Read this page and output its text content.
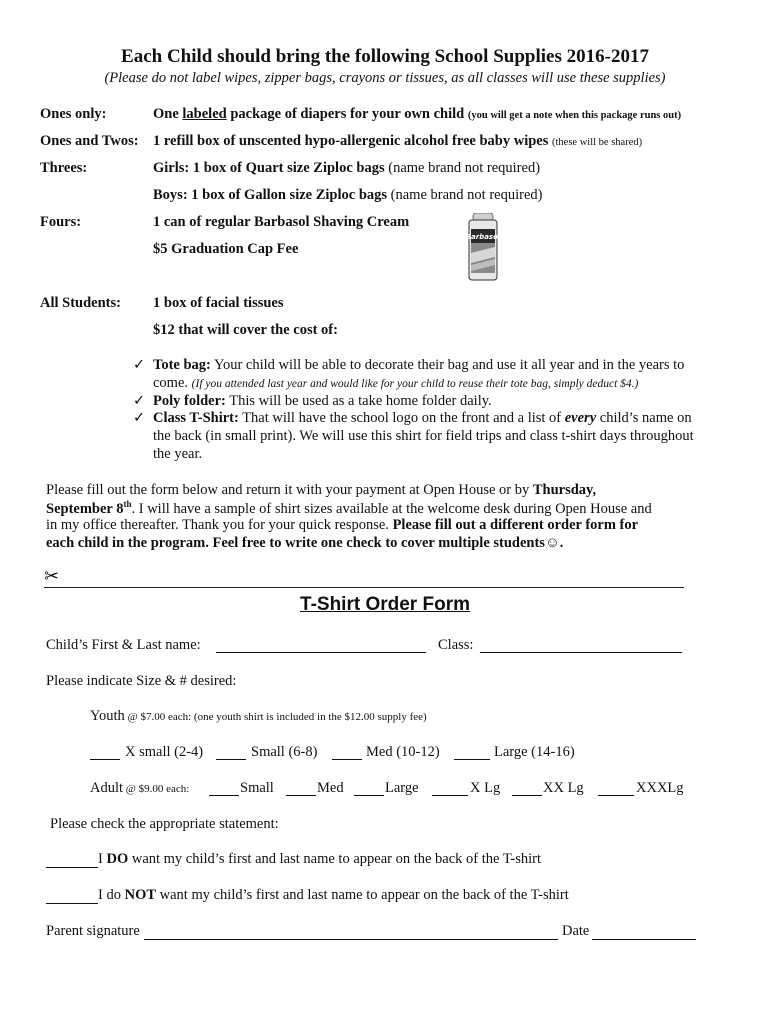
Each Child should bring the following School Supplies 2016-2017
(Please do not label wipes, zipper bags, crayons or tissues, as all classes will use these supplies)
Ones only:	One labeled package of diapers for your own child (you will get a note when this package runs out)
Ones and Twos: 1 refill box of unscented hypo-allergenic alcohol free baby wipes (these will be shared)
Threes:	Girls: 1 box of Quart size Ziploc bags (name brand not required)
Boys: 1 box of Gallon size Ziploc bags (name brand not required)
Fours:	1 can of regular Barbasol Shaving Cream
$5 Graduation Cap Fee
Barbasol
All Students: 1 box of facial tissues
$12 that will cover the cost of:
✓ Tote bag: Your child will be able to decorate their bag and use it all year and in the years to
come. (If you attended last year and would like for your child to reuse their tote bag, simply deduct $4.)
✓ Poly folder: This will be used as a take home folder daily.
✓ Class T-Shirt: That will have the school logo on the front and a list of every child’s name on
the back (in small print). We will use this shirt for field trips and class t-shirt days throughout
the year.
Please fill out the form below and return it with your payment at Open House or by Thursday,
September 8th. I will have a sample of shirt sizes available at the welcome desk during Open House and
in my office thereafter. Thank you for your quick response. Please fill out a different order form for
each child in the program. Feel free to write one check to cover multiple students☺.
✂
T-Shirt Order Form
Child’s First & Last name:	Class:
Please indicate Size & # desired:
Youth @ $7.00 each: (one youth shirt is included in the $12.00 supply fee)
X small (2-4)	Small (6-8)	Med (10-12)	Large (14-16)
Adult @ $9.00 each:	Small	Med	Large	X Lg	XX Lg	XXXLg
Please check the appropriate statement:
I DO want my child’s first and last name to appear on the back of the T-shirt
I do NOT want my child’s first and last name to appear on the back of the T-shirt
Parent signature	Date
